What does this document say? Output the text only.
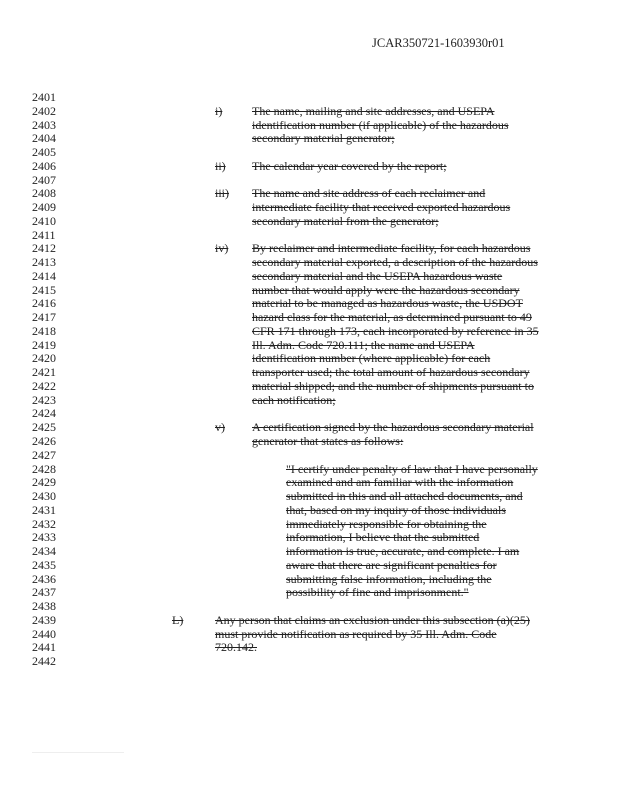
JCAR350721-1603930r01
2401
2402
2403
2404
2405
2406
2407
2408
2409
2410
2411
2412
2413
2414
2415
2416
2417
2418
2419
2420
2421
2422
2423
2424
2425
2426
2427
2428
2429
2430
2431
2432
2433
2434
2435
2436
2437
2438
2439
2440
2441
2442
i) The name, mailing and site addresses, and USEPA
identification number (if applicable) of the hazardous
secondary material generator;
ii) The calendar year covered by the report;
iii) The name and site address of each reclaimer and
intermediate facility that received exported hazardous
secondary material from the generator;
iv) By reclaimer and intermediate facility, for each hazardous
secondary material exported, a description of the hazardous
secondary material and the USEPA hazardous waste
number that would apply were the hazardous secondary
material to be managed as hazardous waste, the USDOT
hazard class for the material, as determined pursuant to 49
CFR 171 through 173, each incorporated by reference in 35
Ill. Adm. Code 720.111; the name and USEPA
identification number (where applicable) for each
transporter used; the total amount of hazardous secondary
material shipped; and the number of shipments pursuant to
each notification;
v) A certification signed by the hazardous secondary material
generator that states as follows:
"I certify under penalty of law that I have personally
examined and am familiar with the information
submitted in this and all attached documents, and
that, based on my inquiry of those individuals
immediately responsible for obtaining the
information, I believe that the submitted
information is true, accurate, and complete. I am
aware that there are significant penalties for
submitting false information, including the
possibility of fine and imprisonment."
L)	Any person that claims an exclusion under this subsection (a)(25)
must provide notification as required by 35 Ill. Adm. Code
720.142.
